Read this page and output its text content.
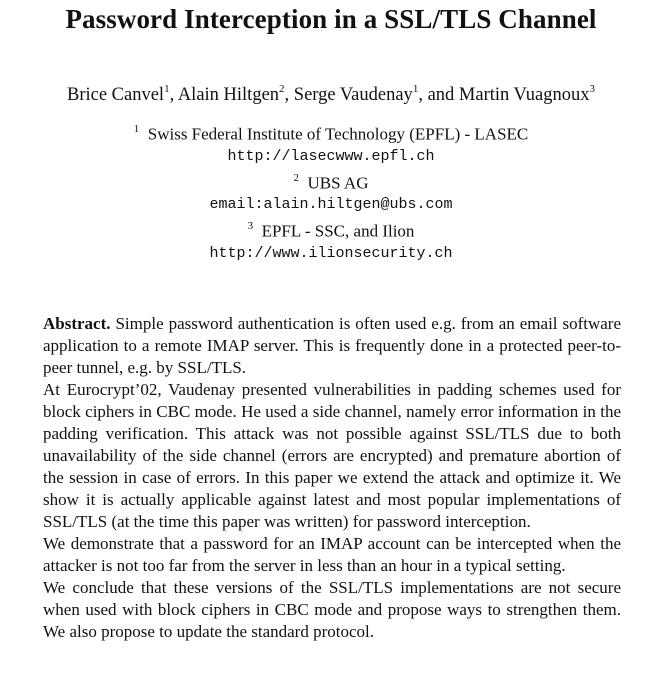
Password Interception in a SSL/TLS Channel
Brice Canvel$^1$, Alain Hiltgen$^2$, Serge Vaudenay$^1$, and Martin Vuagnoux$^3$
$^1$ Swiss Federal Institute of Technology (EPFL) - LASEC
http://lasecwww.epfl.ch
$^2$ UBS AG
email:alain.hiltgen@ubs.com
$^3$ EPFL - SSC, and Ilion
http://www.ilionsecurity.ch

Abstract. Simple password authentication is often used e.g. from an email software application to a remote IMAP server. This is frequently done in a protected peer-to-peer tunnel, e.g. by SSL/TLS.

At Eurocrypt’02, Vaudenay presented vulnerabilities in padding schemes used for block ciphers in CBC mode. He used a side channel, namely error information in the padding verification. This attack was not possible against SSL/TLS due to both unavailability of the side channel (errors are encrypted) and premature abortion of the session in case of errors. In this paper we extend the attack and optimize it. We show it is actually applicable against latest and most popular implementations of SSL/TLS (at the time this paper was written) for password interception.

We demonstrate that a password for an IMAP account can be intercepted when the attacker is not too far from the server in less than an hour in a typical setting.

We conclude that these versions of the SSL/TLS implementations are not secure when used with block ciphers in CBC mode and propose ways to strengthen them. We also propose to update the standard protocol.
